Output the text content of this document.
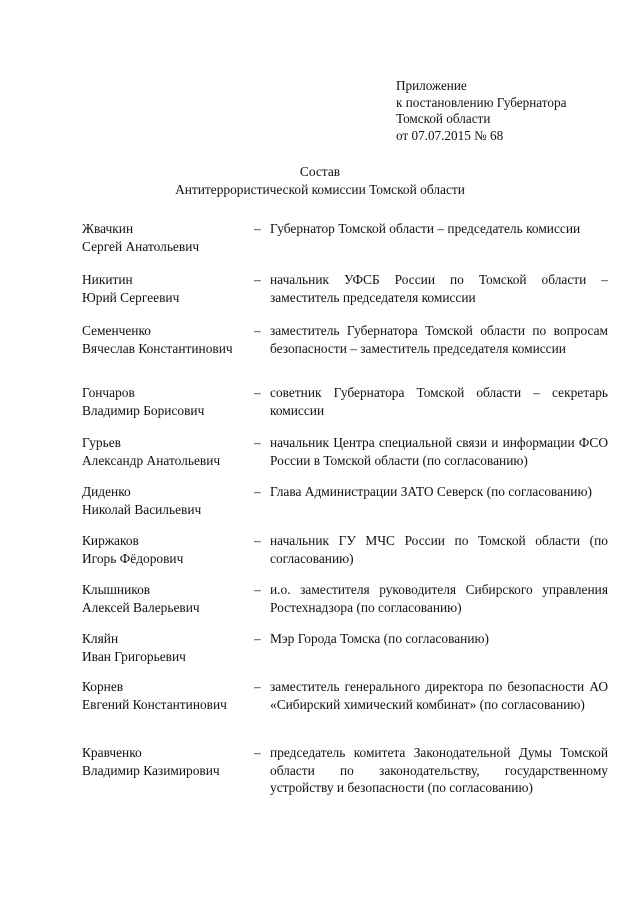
Приложение
к постановлению Губернатора
Томской области
от 07.07.2015 № 68
Состав
Антитеррористической комиссии Томской области
Жвачкин
Сергей Анатольевич
– Губернатор Томской области – председатель комиссии
Никитин
Юрий Сергеевич
– начальник УФСБ России по Томской области – заместитель председателя комиссии
Семенченко
Вячеслав Константинович
– заместитель Губернатора Томской области по вопросам безопасности – заместитель председателя комиссии
Гончаров
Владимир Борисович
– советник Губернатора Томской области – секретарь комиссии
Гурьев
Александр Анатольевич
– начальник Центра специальной связи и информации ФСО России в Томской области (по согласованию)
Диденко
Николай Васильевич
– Глава Администрации ЗАТО Северск (по согласованию)
Киржаков
Игорь Фёдорович
– начальник ГУ МЧС России по Томской области (по согласованию)
Клышников
Алексей Валерьевич
– и.о. заместителя руководителя Сибирского управления Ростехнадзора (по согласованию)
Кляйн
Иван Григорьевич
– Мэр Города Томска (по согласованию)
Корнев
Евгений Константинович
– заместитель генерального директора по безопасности АО «Сибирский химический комбинат» (по согласованию)
Кравченко
Владимир Казимирович
– председатель комитета Законодательной Думы Томской области по законодательству, государственному устройству и безопасности (по согласованию)
